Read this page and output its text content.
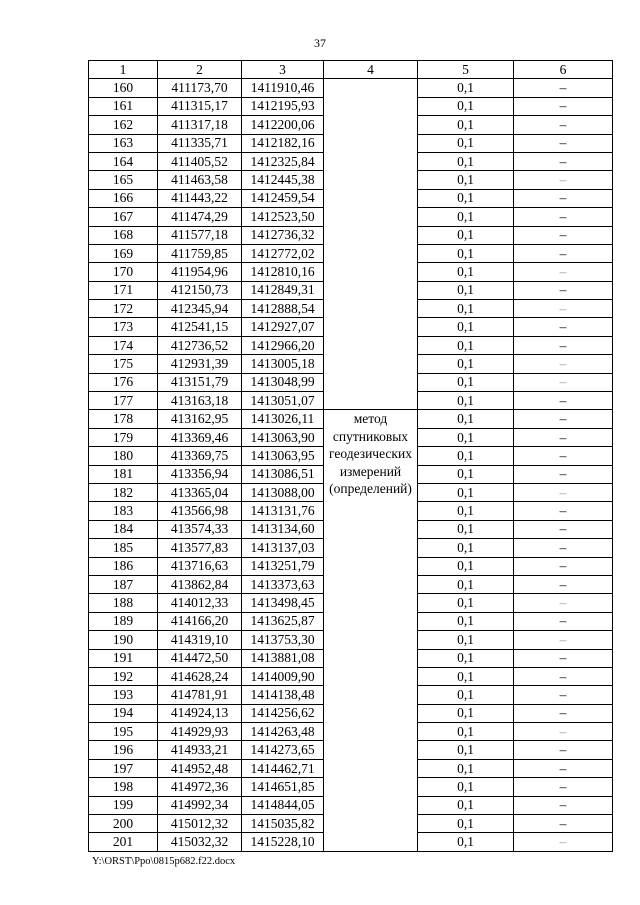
37
1	2	3	4	5	6
160	411173,70	1411910,46		0,1	–
161	411315,17	1412195,93		0,1	–
162	411317,18	1412200,06		0,1	–
163	411335,71	1412182,16		0,1	–
164	411405,52	1412325,84		0,1	–
165	411463,58	1412445,38		0,1	–
166	411443,22	1412459,54		0,1	–
167	411474,29	1412523,50		0,1	–
168	411577,18	1412736,32		0,1	–
169	411759,85	1412772,02		0,1	–
170	411954,96	1412810,16		0,1	–
171	412150,73	1412849,31		0,1	–
172	412345,94	1412888,54		0,1	–
173	412541,15	1412927,07		0,1	–
174	412736,52	1412966,20		0,1	–
175	412931,39	1413005,18		0,1	–
176	413151,79	1413048,99		0,1	–
177	413163,18	1413051,07		0,1	–
178	413162,95	1413026,11	метод
спутниковых
геодезических
измерений
(определений)	0,1	–
179	413369,46	1413063,90		0,1	–
180	413369,75	1413063,95		0,1	–
181	413356,94	1413086,51		0,1	–
182	413365,04	1413088,00		0,1	–
183	413566,98	1413131,76		0,1	–
184	413574,33	1413134,60		0,1	–
185	413577,83	1413137,03		0,1	–
186	413716,63	1413251,79		0,1	–
187	413862,84	1413373,63		0,1	–
188	414012,33	1413498,45		0,1	–
189	414166,20	1413625,87		0,1	–
190	414319,10	1413753,30		0,1	–
191	414472,50	1413881,08		0,1	–
192	414628,24	1414009,90		0,1	–
193	414781,91	1414138,48		0,1	–
194	414924,13	1414256,62		0,1	–
195	414929,93	1414263,48		0,1	–
196	414933,21	1414273,65		0,1	–
197	414952,48	1414462,71		0,1	–
198	414972,36	1414651,85		0,1	–
199	414992,34	1414844,05		0,1	–
200	415012,32	1415035,82		0,1	–
201	415032,32	1415228,10		0,1	–
Y:\ORST\Ppo\0815p682.f22.docx
